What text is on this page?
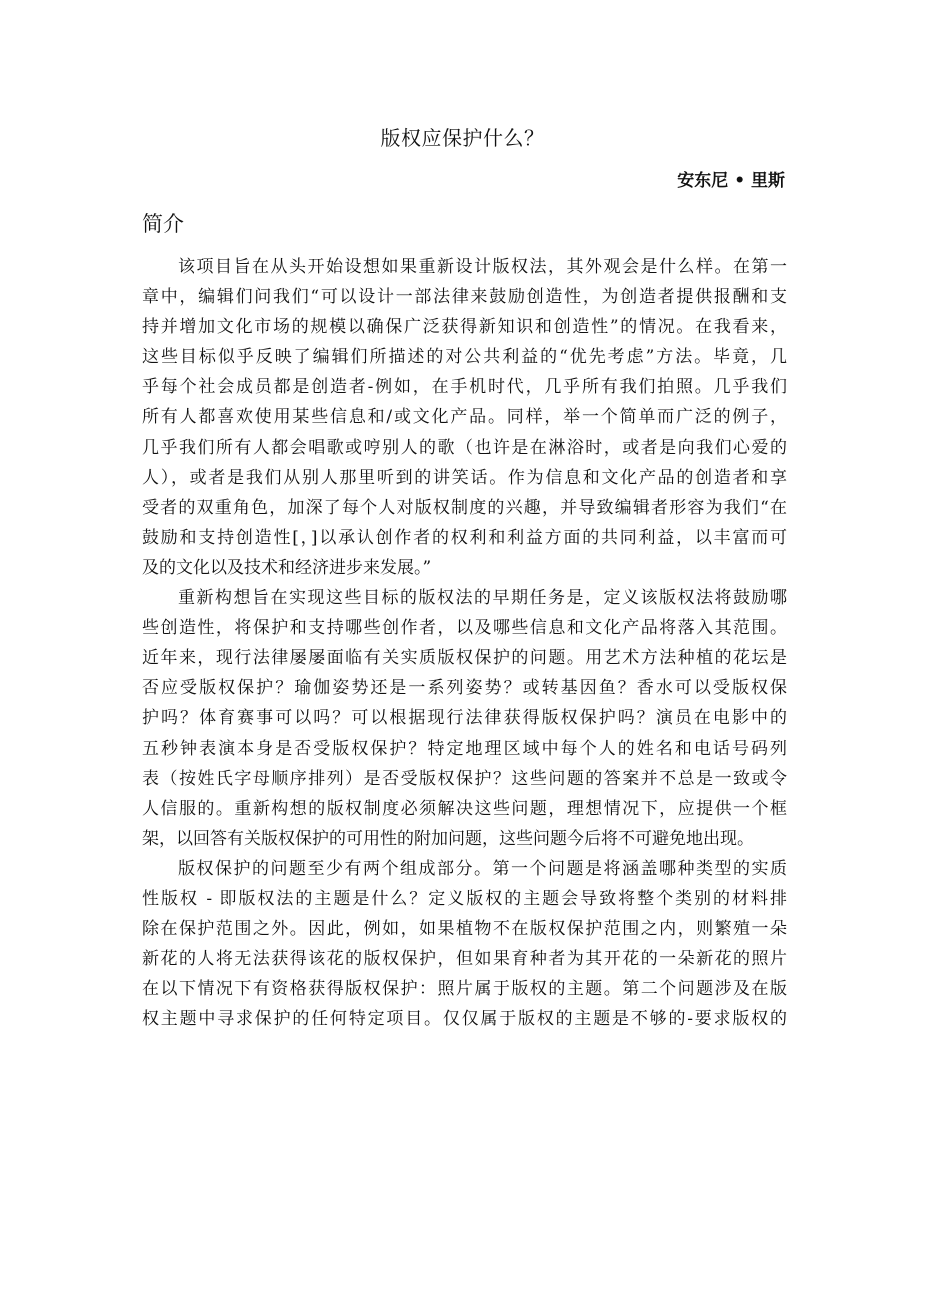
版权应保护什么？
安东尼 • 里斯
简介
该项目旨在从头开始设想如果重新设计版权法，其外观会是什么样。在第一
章中，编辑们问我们“可以设计一部法律来鼓励创造性，为创造者提供报酬和支
持并增加文化市场的规模以确保广泛获得新知识和创造性”的情况。在我看来，
这些目标似乎反映了编辑们所描述的对公共利益的“优先考虑”方法。毕竟，几
乎每个社会成员都是创造者-例如，在手机时代，几乎所有我们拍照。几乎我们
所有人都喜欢使用某些信息和/或文化产品。同样，举一个简单而广泛的例子，
几乎我们所有人都会唱歌或哼别人的歌（也许是在淋浴时，或者是向我们心爱的
人），或者是我们从别人那里听到的讲笑话。作为信息和文化产品的创造者和享
受者的双重角色，加深了每个人对版权制度的兴趣，并导致编辑者形容为我们“在
鼓励和支持创造性[，]以承认创作者的权利和利益方面的共同利益，以丰富而可
及的文化以及技术和经济进步来发展。”
重新构想旨在实现这些目标的版权法的早期任务是，定义该版权法将鼓励哪
些创造性，将保护和支持哪些创作者，以及哪些信息和文化产品将落入其范围。
近年来，现行法律屡屡面临有关实质版权保护的问题。用艺术方法种植的花坛是
否应受版权保护？瑜伽姿势还是一系列姿势？或转基因鱼？香水可以受版权保
护吗？体育赛事可以吗？可以根据现行法律获得版权保护吗？演员在电影中的
五秒钟表演本身是否受版权保护？特定地理区域中每个人的姓名和电话号码列
表（按姓氏字母顺序排列）是否受版权保护？这些问题的答案并不总是一致或令
人信服的。重新构想的版权制度必须解决这些问题，理想情况下，应提供一个框
架，以回答有关版权保护的可用性的附加问题，这些问题今后将不可避免地出现。
版权保护的问题至少有两个组成部分。第一个问题是将涵盖哪种类型的实质
性版权 - 即版权法的主题是什么？定义版权的主题会导致将整个类别的材料排
除在保护范围之外。因此，例如，如果植物不在版权保护范围之内，则繁殖一朵
新花的人将无法获得该花的版权保护，但如果育种者为其开花的一朵新花的照片
在以下情况下有资格获得版权保护：照片属于版权的主题。第二个问题涉及在版
权主题中寻求保护的任何特定项目。仅仅属于版权的主题是不够的-要求版权的
